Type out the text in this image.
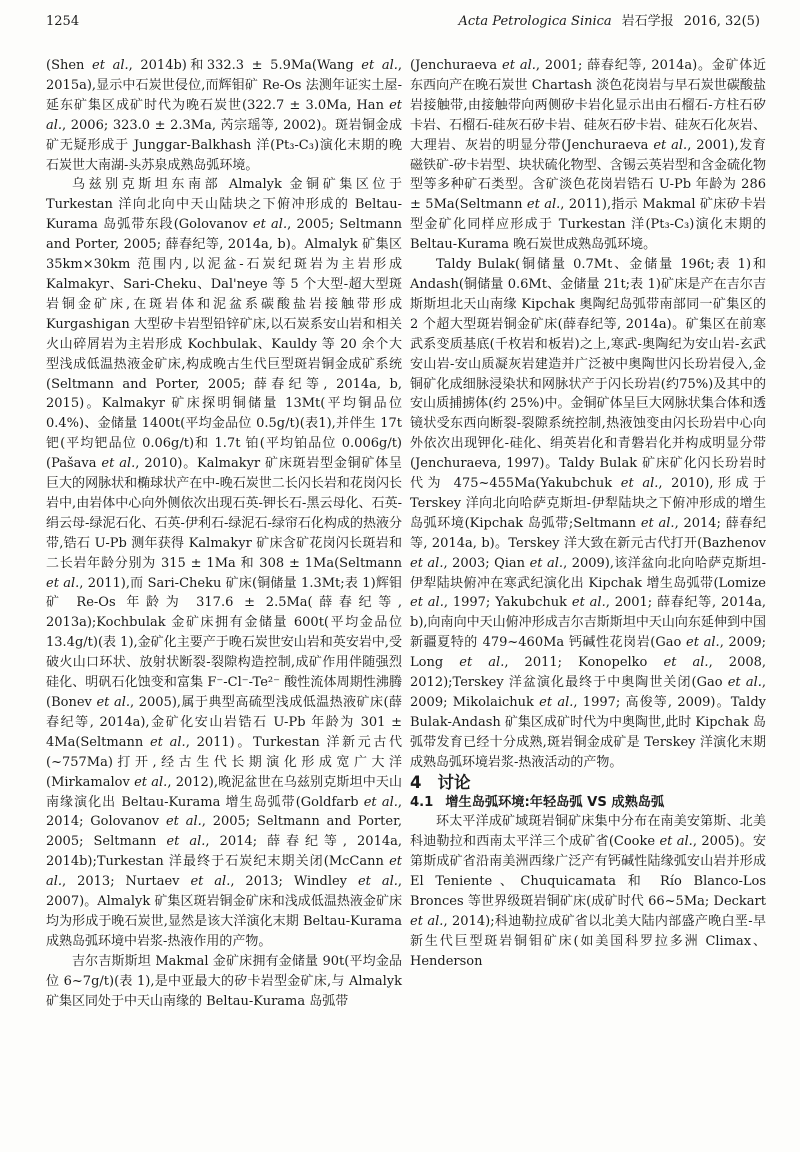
1254	Acta Petrologica Sinica 岩石学报 2016, 32(5)

(Shen et al., 2014b)和332.3 ± 5.9Ma(Wang et al., 2015a),显示中石炭世侵位,而辉钼矿 Re-Os 法测年证实土屋-延东矿集区成矿时代为晚石炭世(322.7 ± 3.0Ma, Han et al., 2006; 323.0 ± 2.3Ma, 芮宗瑶等, 2002)。斑岩铜金成矿无疑形成于 Junggar-Balkhash 洋(Pt₃-C₃)演化末期的晚石炭世大南湖-头苏泉成熟岛弧环境。

乌兹别克斯坦东南部 Almalyk 金铜矿集区位于 Turkestan 洋向北向中天山陆块之下俯冲形成的 Beltau-Kurama 岛弧带东段(Golovanov et al., 2005; Seltmann and Porter, 2005; 薛春纪等, 2014a, b)。Almalyk 矿集区 35km×30km 范围内,以泥盆-石炭纪斑岩为主岩形成 Kalmakyr、Sari-Cheku、Dal'neye 等 5 个大型-超大型斑岩铜金矿床,在斑岩体和泥盆系碳酸盐岩接触带形成 Kurgashigan 大型矽卡岩型铅锌矿床,以石炭系安山岩和相关火山碎屑岩为主岩形成 Kochbulak、Kauldy 等 20 余个大型浅成低温热液金矿床,构成晚古生代巨型斑岩铜金成矿系统(Seltmann and Porter, 2005; 薛春纪等, 2014a, b, 2015)。Kalmakyr 矿床探明铜储量 13Mt(平均铜品位 0.4%)、金储量 1400t(平均金品位 0.5g/t)(表1),并伴生 17t 钯(平均钯品位 0.06g/t)和 1.7t 铂(平均铂品位 0.006g/t)(Pašava et al., 2010)。Kalmakyr 矿床斑岩型金铜矿体呈巨大的网脉状和椭球状产在中-晚石炭世二长闪长岩和花岗闪长岩中,由岩体中心向外侧依次出现石英-钾长石-黑云母化、石英-绢云母-绿泥石化、石英-伊利石-绿泥石-绿帘石化构成的热液分带,锆石 U-Pb 测年获得 Kalmakyr 矿床含矿花岗闪长斑岩和二长岩年龄分别为 315 ± 1Ma 和 308 ± 1Ma(Seltmann et al., 2011),而 Sari-Cheku 矿床(铜储量 1.3Mt;表 1)辉钼矿 Re-Os 年龄为 317.6 ± 2.5Ma(薛春纪等, 2013a);Kochbulak 金矿床拥有金储量 600t(平均金品位 13.4g/t)(表 1),金矿化主要产于晚石炭世安山岩和英安岩中,受破火山口环状、放射状断裂-裂隙构造控制,成矿作用伴随强烈硅化、明矾石化蚀变和富集 F⁻-Cl⁻-Te²⁻ 酸性流体周期性沸腾(Bonev et al., 2005),属于典型高硫型浅成低温热液矿床(薛春纪等, 2014a),金矿化安山岩锆石 U-Pb 年龄为 301 ± 4Ma(Seltmann et al., 2011)。Turkestan 洋新元古代(~757Ma)打开,经古生代长期演化形成宽广大洋(Mirkamalov et al., 2012),晚泥盆世在乌兹别克斯坦中天山南缘演化出 Beltau-Kurama 增生岛弧带(Goldfarb et al., 2014; Golovanov et al., 2005; Seltmann and Porter, 2005; Seltmann et al., 2014; 薛春纪等, 2014a, 2014b);Turkestan 洋最终于石炭纪末期关闭(McCann et al., 2013; Nurtaev et al., 2013; Windley et al., 2007)。Almalyk 矿集区斑岩铜金矿床和浅成低温热液金矿床均为形成于晚石炭世,显然是该大洋演化末期 Beltau-Kurama 成熟岛弧环境中岩浆-热液作用的产物。

吉尔吉斯斯坦 Makmal 金矿床拥有金储量 90t(平均金品位 6~7g/t)(表 1),是中亚最大的矽卡岩型金矿床,与 Almalyk 矿集区同处于中天山南缘的 Beltau-Kurama 岛弧带

(Jenchuraeva et al., 2001; 薛春纪等, 2014a)。金矿体近东西向产在晚石炭世 Chartash 淡色花岗岩与早石炭世碳酸盐岩接触带,由接触带向两侧矽卡岩化显示出由石榴石-方柱石矽卡岩、石榴石-硅灰石矽卡岩、硅灰石矽卡岩、硅灰石化灰岩、大理岩、灰岩的明显分带(Jenchuraeva et al., 2001),发育磁铁矿-矽卡岩型、块状硫化物型、含锡云英岩型和含金硫化物型等多种矿石类型。含矿淡色花岗岩锆石 U-Pb 年龄为 286 ± 5Ma(Seltmann et al., 2011),指示 Makmal 矿床矽卡岩型金矿化同样应形成于 Turkestan 洋(Pt₃-C₃)演化末期的 Beltau-Kurama 晚石炭世成熟岛弧环境。

Taldy Bulak(铜储量 0.7Mt、金储量 196t;表 1)和 Andash(铜储量 0.6Mt、金储量 21t;表 1)矿床是产在吉尔吉斯斯坦北天山南缘 Kipchak 奥陶纪岛弧带南部同一矿集区的 2 个超大型斑岩铜金矿床(薛春纪等, 2014a)。矿集区在前寒武系变质基底(千枚岩和板岩)之上,寒武-奥陶纪为安山岩-玄武安山岩-安山质凝灰岩建造并广泛被中奥陶世闪长玢岩侵入,金铜矿化成细脉浸染状和网脉状产于闪长玢岩(约75%)及其中的安山质捕掳体(约 25%)中。金铜矿体呈巨大网脉状集合体和透镜状受东西向断裂-裂隙系统控制,热液蚀变由闪长玢岩中心向外依次出现钾化-硅化、绢英岩化和青磐岩化并构成明显分带(Jenchuraeva, 1997)。Taldy Bulak 矿床矿化闪长玢岩时代为 475~455Ma(Yakubchuk et al., 2010),形成于 Terskey 洋向北向哈萨克斯坦-伊犁陆块之下俯冲形成的增生岛弧环境(Kipchak 岛弧带;Seltmann et al., 2014; 薛春纪等, 2014a, b)。Terskey 洋大致在新元古代打开(Bazhenov et al., 2003; Qian et al., 2009),该洋盆向北向哈萨克斯坦-伊犁陆块俯冲在寒武纪演化出 Kipchak 增生岛弧带(Lomize et al., 1997; Yakubchuk et al., 2001; 薛春纪等, 2014a, b),向南向中天山俯冲形成吉尔吉斯斯坦中天山向东延伸到中国新疆夏特的 479~460Ma 钙碱性花岗岩(Gao et al., 2009; Long et al., 2011; Konopelko et al., 2008, 2012);Terskey 洋盆演化最终于中奥陶世关闭(Gao et al., 2009; Mikolaichuk et al., 1997; 高俊等, 2009)。Taldy Bulak-Andash 矿集区成矿时代为中奥陶世,此时 Kipchak 岛弧带发育已经十分成熟,斑岩铜金成矿是 Terskey 洋演化末期成熟岛弧环境岩浆-热液活动的产物。

4 讨论

4.1 增生岛弧环境:年轻岛弧 VS 成熟岛弧

环太平洋成矿域斑岩铜矿床集中分布在南美安第斯、北美科迪勒拉和西南太平洋三个成矿省(Cooke et al., 2005)。安第斯成矿省沿南美洲西缘广泛产有钙碱性陆缘弧安山岩并形成 El Teniente、Chuquicamata 和 Río Blanco-Los Bronces 等世界级斑岩铜矿床(成矿时代 66~5Ma; Deckart et al., 2014);科迪勒拉成矿省以北美大陆内部盛产晚白垩-早新生代巨型斑岩铜钼矿床(如美国科罗拉多洲 Climax、Henderson
